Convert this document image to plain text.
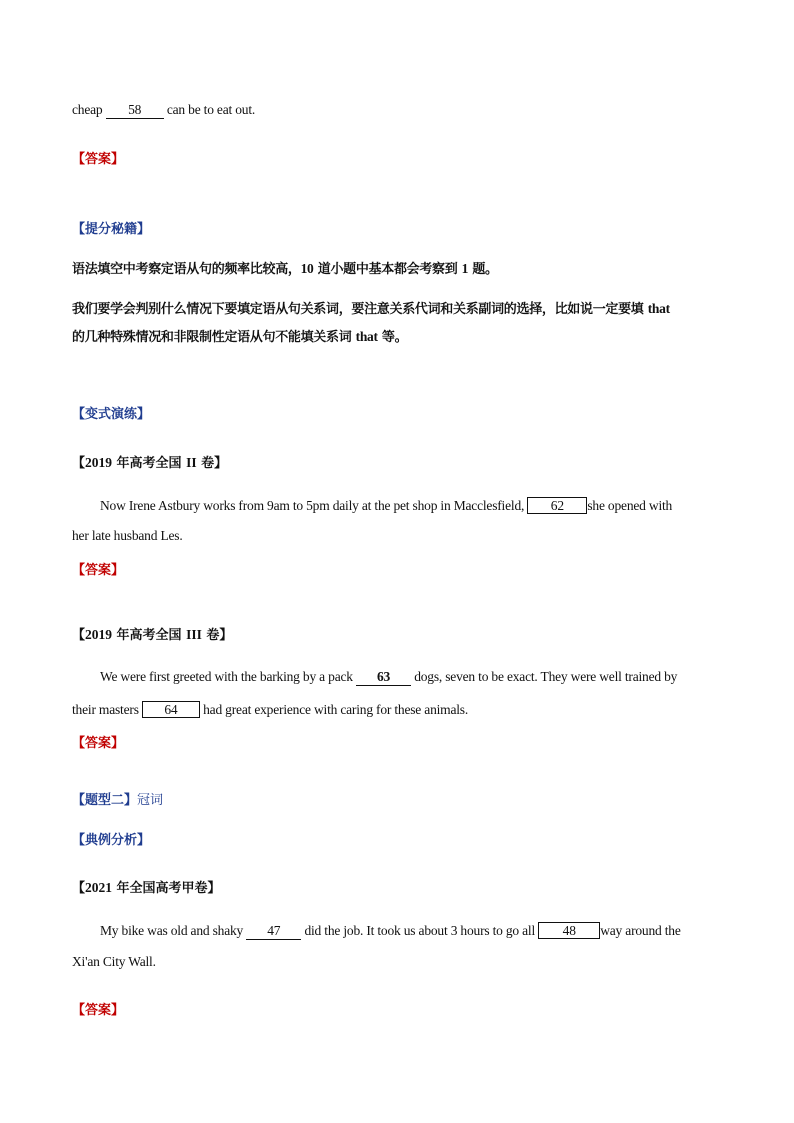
cheap 58 can be to eat out.
【答案】
【提分秘籍】
语法填空中考察定语从句的频率比较高，10 道小题中基本都会考察到 1 题。
我们要学会判别什么情况下要填定语从句关系词，要注意关系代词和关系副词的选择，比如说一定要填 that
的几种特殊情况和非限制性定语从句不能填关系词 that 等。
【变式演练】
【2019 年高考全国 II 卷】
Now Irene Astbury works from 9am to 5pm daily at the pet shop in Macclesfield, 62 she opened with
her late husband Les.
【答案】
【2019 年高考全国 III 卷】
We were first greeted with the barking by a pack 63 dogs, seven to be exact. They were well trained by
their masters 64 had great experience with caring for these animals.
【答案】
【题型二】冠词
【典例分析】
【2021 年全国高考甲卷】
My bike was old and shaky 47 did the job. It took us about 3 hours to go all 48 way around the
Xi'an City Wall.
【答案】
